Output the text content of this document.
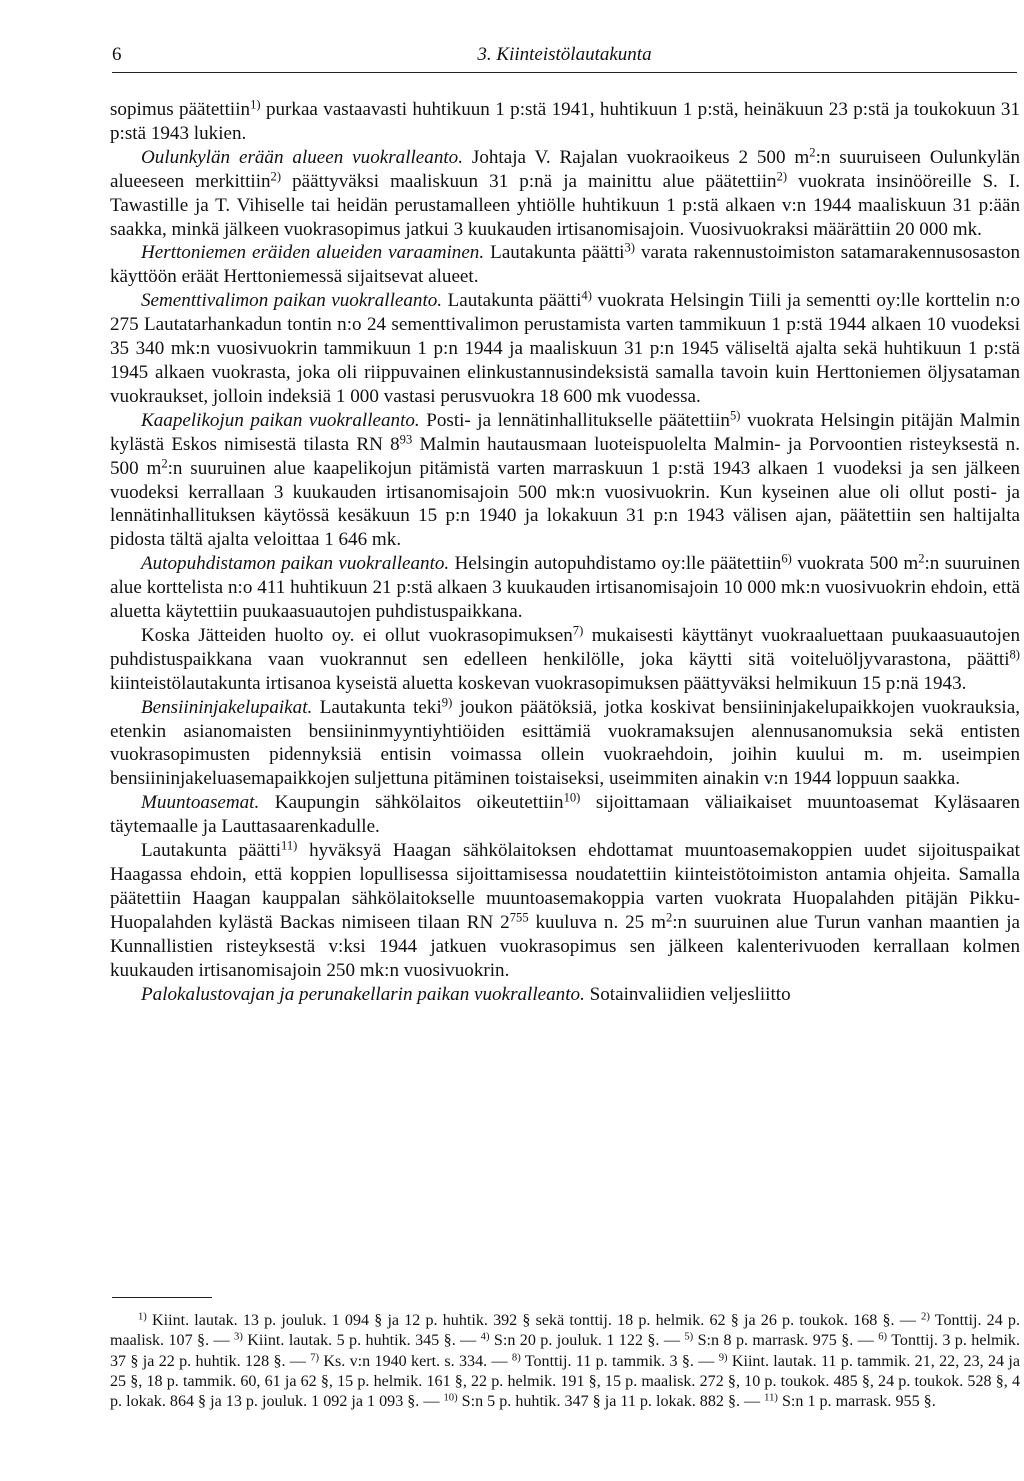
6	3. Kiinteistölautakunta

sopimus päätettiin$^{1)}$ purkaa vastaavasti huhtikuun 1 p:stä 1941, huhtikuun 1 p:stä, heinäkuun 23 p:stä ja toukokuun 31 p:stä 1943 lukien.

Oulunkylän erään alueen vuokralleanto. Johtaja V. Rajalan vuokraoikeus 2 500 $m^2:n$ suuruiseen Oulunkylän alueeseen merkittiin$^{2)}$ päättyväksi maaliskuun 31 p:nä ja mainittu alue päätettiin$^{2)}$ vuokrata insinööreille S. I. Tawastille ja T. Vihiselle tai heidän perustamalleen yhtiölle huhtikuun 1 p:stä alkaen v:n 1944 maaliskuun 31 p:ään saakka, minkä jälkeen vuokrasopimus jatkui 3 kuukauden irtisanomisajoin. Vuosivuokraksi määrättiin 20 000 mk.

Herttoniemen eräiden alueiden varaaminen. Lautakunta päätti$^{3)}$ varata rakennustoimiston satamarakennusosaston käyttöön eräät Herttoniemessä sijaitsevat alueet.

Sementtivalimon paikan vuokralleanto. Lautakunta päätti$^{4)}$ vuokrata Helsingin Tiili ja sementti oy:lle korttelin n:o 275 Lautatarhankadun tontin n:o 24 sementtivalimon perustamista varten tammikuun 1 p:stä 1944 alkaen 10 vuodeksi 35 340 mk:n vuosivuokrin tammikuun 1 p:n 1944 ja maaliskuun 31 p:n 1945 väliseltä ajalta sekä huhtikuun 1 p:stä 1945 alkaen vuokrasta, joka oli riippuvainen elinkustannusindeksistä samalla tavoin kuin Herttoniemen öljysataman vuokraukset, jolloin indeksiä 1 000 vastasi perusvuokra 18 600 mk vuodessa.

Kaapelikojun paikan vuokralleanto. Posti- ja lennätinhallitukselle päätettiin$^{5)}$ vuokrata Helsingin pitäjän Malmin kylästä Eskos nimisestä tilasta RN $8^{93}$ Malmin hautausmaan luoteispuolelta Malmin- ja Porvoontien risteyksestä n. 500 $m^2:n$ suuruinen alue kaapelikojun pitämistä varten marraskuun 1 p:stä 1943 alkaen 1 vuodeksi ja sen jälkeen vuodeksi kerrallaan 3 kuukauden irtisanomisajoin 500 mk:n vuosivuokrin. Kun kyseinen alue oli ollut posti- ja lennätinhallituksen käytössä kesäkuun 15 p:n 1940 ja lokakuun 31 p:n 1943 välisen ajan, päätettiin sen haltijalta pidosta tältä ajalta veloittaa 1 646 mk.

Autopuhdistamon paikan vuokralleanto. Helsingin autopuhdistamo oy:lle päätettiin$^{6)}$ vuokrata 500 $m^2:n$ suuruinen alue korttelista n:o 411 huhtikuun 21 p:stä alkaen 3 kuukauden irtisanomisajoin 10 000 mk:n vuosivuokrin ehdoin, että aluetta käytettiin puukaasuautojen puhdistuspaikkana.

Koska Jätteiden huolto oy. ei ollut vuokrasopimuksen$^{7)}$ mukaisesti käyttänyt vuokraaluettaan puukaasuautojen puhdistuspaikkana vaan vuokrannut sen edelleen henkilölle, joka käytti sitä voiteluöljyvarastona, päätti$^{8)}$ kiinteistölautakunta irtisanoa kyseistä aluetta koskevan vuokrasopimuksen päättyväksi helmikuun 15 p:nä 1943.

Bensiininjakelupaikat. Lautakunta teki$^{9)}$ joukon päätöksiä, jotka koskivat bensiininjakelupaikkojen vuokrauksia, etenkin asianomaisten bensiininmyyntiyhtiöiden esittämiä vuokramaksujen alennusanomuksia sekä entisten vuokrasopimusten pidennyksiä entisin voimassa ollein vuokraehdoin, joihin kuului m. m. useimpien bensiininjakeluasemapaikkojen suljettuna pitäminen toistaiseksi, useimmiten ainakin v:n 1944 loppuun saakka.

Muuntoasemat. Kaupungin sähkölaitos oikeutettiin$^{10)}$ sijoittamaan väliaikaiset muuntoasemat Kyläsaaren täytemaalle ja Lauttasaarenkadulle.

Lautakunta päätti$^{11)}$ hyväksyä Haagan sähkölaitoksen ehdottamat muuntoasemakoppien uudet sijoituspaikat Haagassa ehdoin, että koppien lopullisessa sijoittamisessa noudatettiin kiinteistötoimiston antamia ohjeita. Samalla päätettiin Haagan kauppalan sähkölaitokselle muuntoasemakoppia varten vuokrata Huopalahden pitäjän Pikku-Huopalahden kylästä Backas nimiseen tilaan RN $2^{755}$ kuuluva n. 25 $m^2:n$ suuruinen alue Turun vanhan maantien ja Kunnallistien risteyksestä v:ksi 1944 jatkuen vuokrasopimus sen jälkeen kalenterivuoden kerrallaan kolmen kuukauden irtisanomisajoin 250 mk:n vuosivuokrin.

Palokalustovajan ja perunakellarin paikan vuokralleanto. Sotainvaliidien veljesliitto

$^{1)}$ Kiint. lautak. 13 p. jouluk. 1 094 § ja 12 p. huhtik. 392 § sekä tonttij. 18 p. helmik. 62 § ja 26 p. toukok. 168 §. — $^{2)}$ Tonttij. 24 p. maalisk. 107 §. — $^{3)}$ Kiint. lautak. 5 p. huhtik. 345 §. — $^{4)}$ S:n 20 p. jouluk. 1 122 §. — $^{5)}$ S:n 8 p. marrask. 975 §. — $^{6)}$ Tonttij. 3 p. helmik. 37 § ja 22 p. huhtik. 128 §. — $^{7)}$ Ks. v:n 1940 kert. s. 334. — $^{8)}$ Tonttij. 11 p. tammik. 3 §. — $^{9)}$ Kiint. lautak. 11 p. tammik. 21, 22, 23, 24 ja 25 §, 18 p. tammik. 60, 61 ja 62 §, 15 p. helmik. 161 §, 22 p. helmik. 191 §, 15 p. maalisk. 272 §, 10 p. toukok. 485 §, 24 p. toukok. 528 §, 4 p. lokak. 864 § ja 13 p. jouluk. 1 092 ja 1 093 §. — $^{10)}$ S:n 5 p. huhtik. 347 § ja 11 p. lokak. 882 §. — $^{11)}$ S:n 1 p. marrask. 955 §.
